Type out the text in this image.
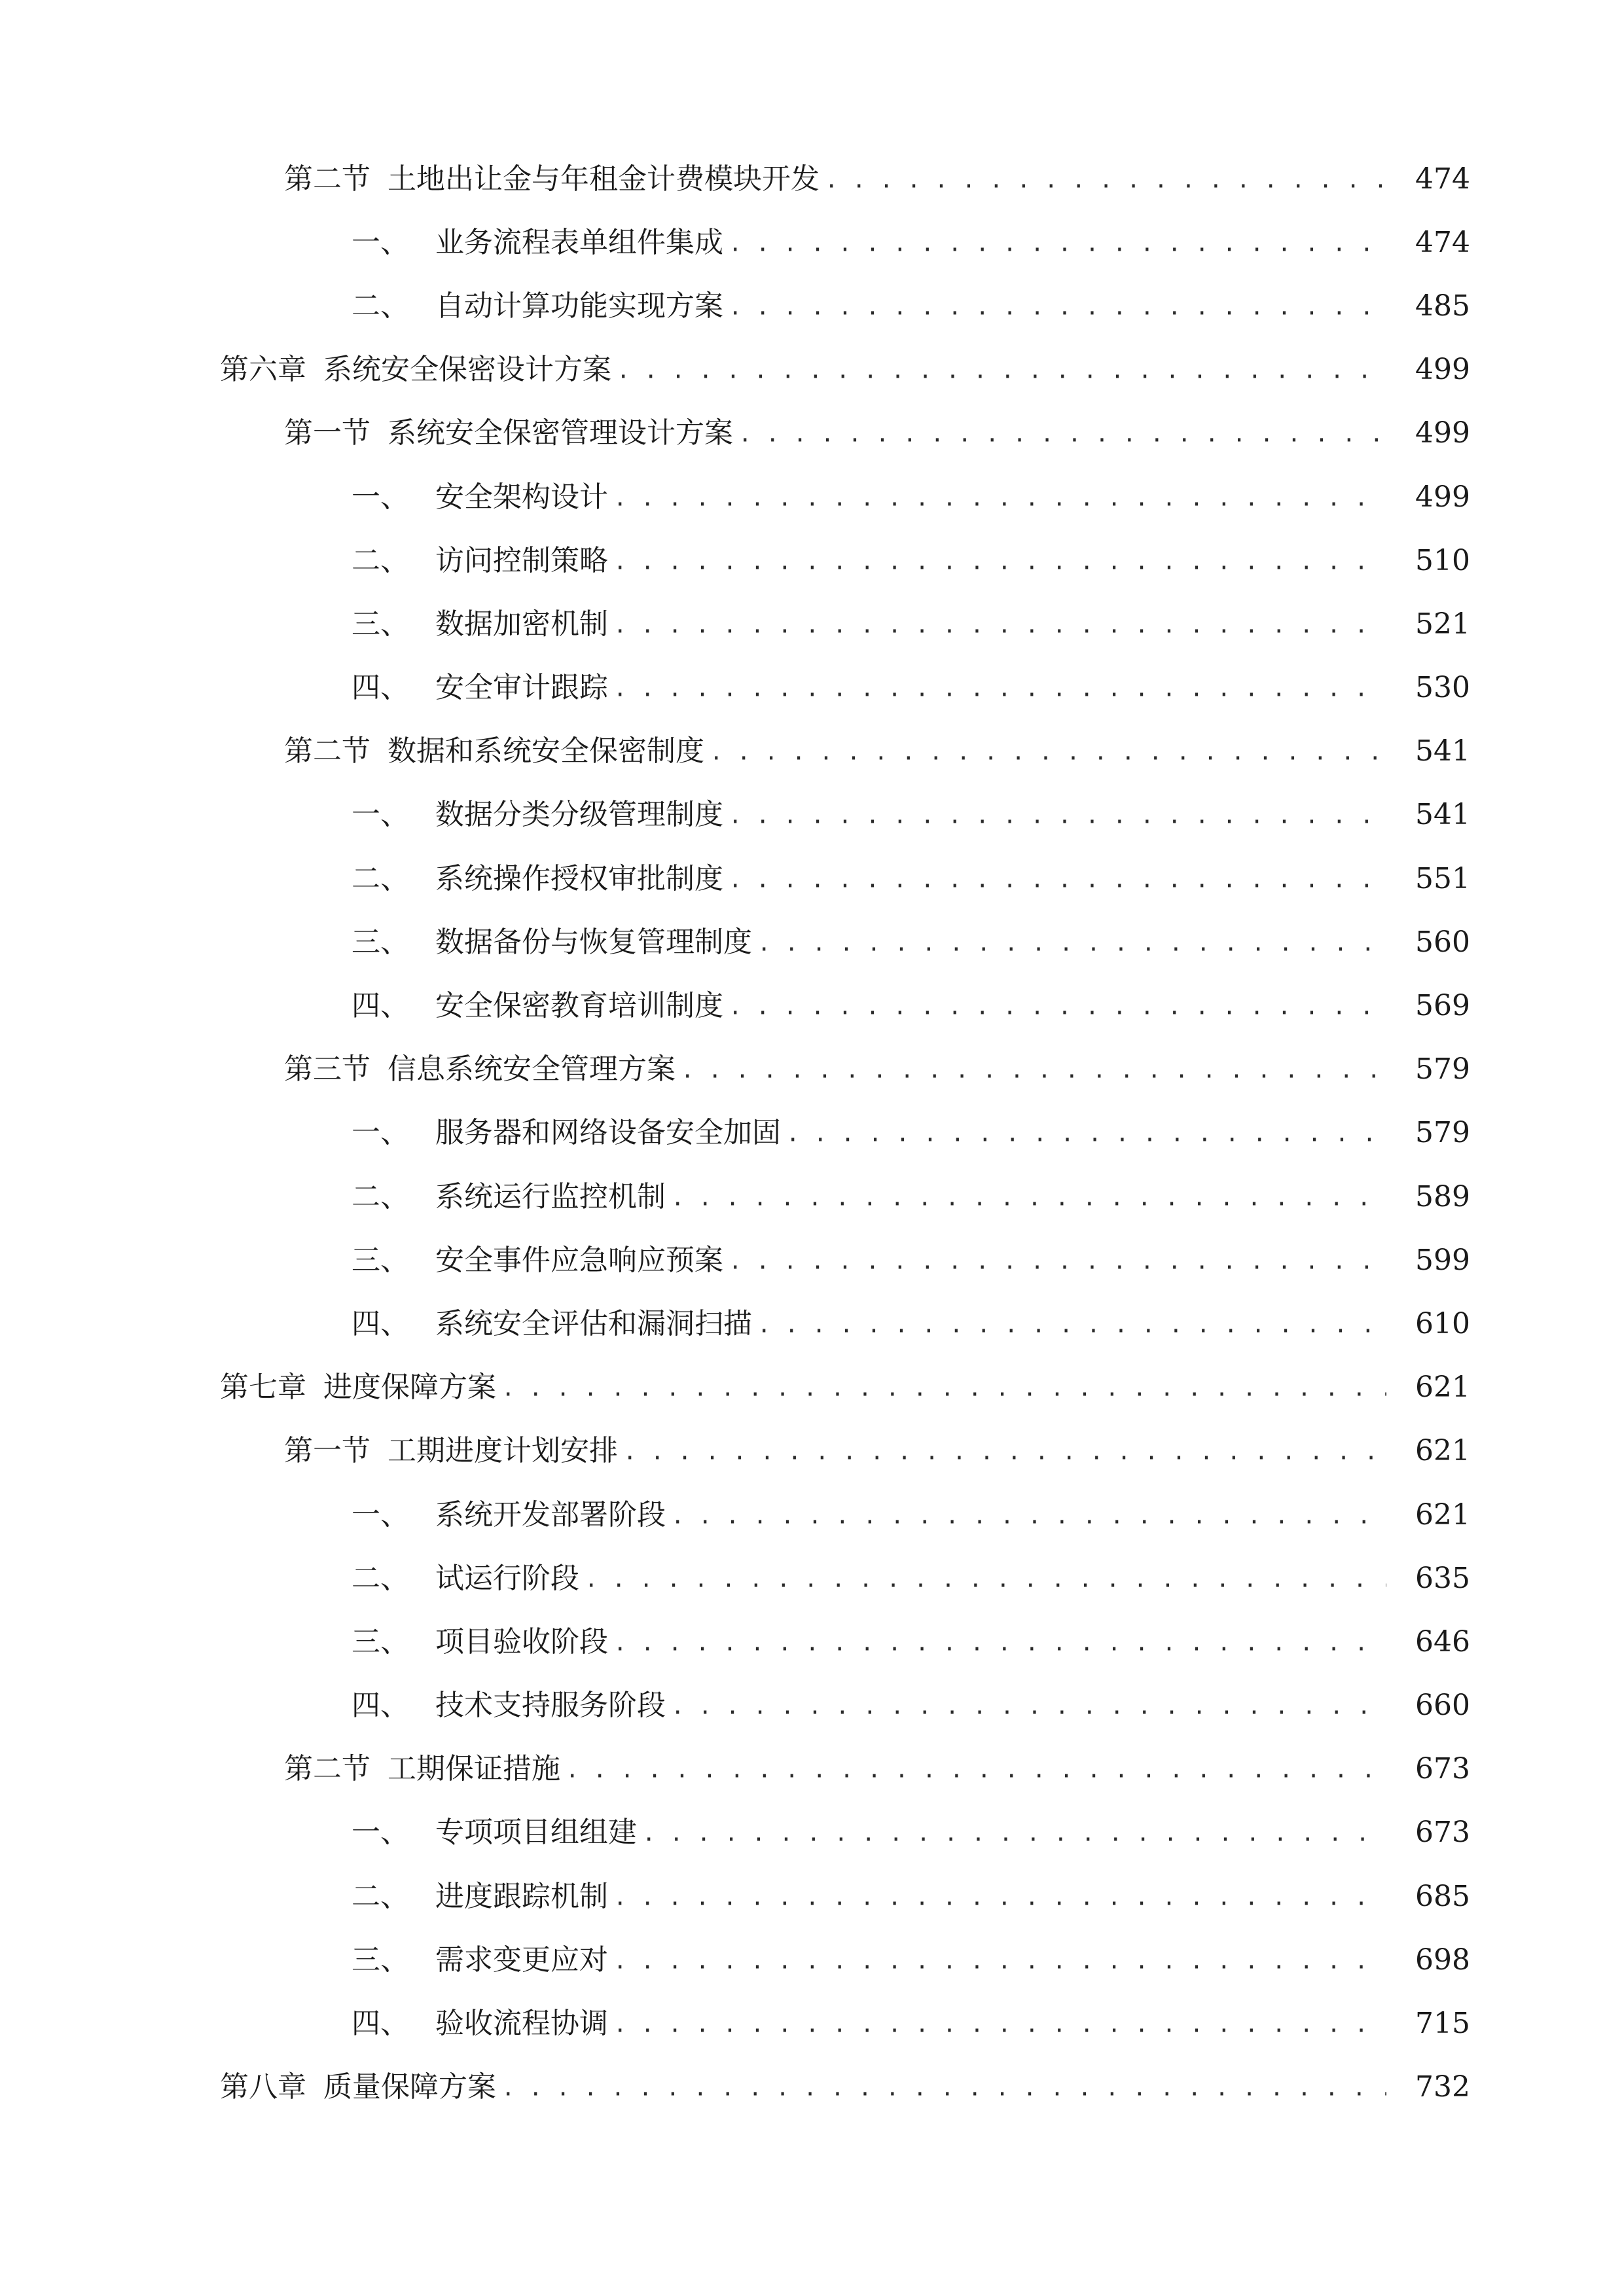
第二节 土地出让金与年租金计费模块开发 . . .	474
一、 业务流程表单组件集成 . . .	474
二、 自动计算功能实现方案 . . .	485
第六章 系统安全保密设计方案 . . .	499
第一节 系统安全保密管理设计方案 . . .	499
一、 安全架构设计 . . .	499
二、 访问控制策略 . . .	510
三、 数据加密机制 . . .	521
四、 安全审计跟踪 . . .	530
第二节 数据和系统安全保密制度 . . .	541
一、 数据分类分级管理制度 . . .	541
二、 系统操作授权审批制度 . . .	551
三、 数据备份与恢复管理制度 . . .	560
四、 安全保密教育培训制度 . . .	569
第三节 信息系统安全管理方案 . . .	579
一、 服务器和网络设备安全加固 . . .	579
二、 系统运行监控机制 . . .	589
三、 安全事件应急响应预案 . . .	599
四、 系统安全评估和漏洞扫描 . . .	610
第七章 进度保障方案 . . .	621
第一节 工期进度计划安排 . . .	621
一、 系统开发部署阶段 . . .	621
二、 试运行阶段 . . .	635
三、 项目验收阶段 . . .	646
四、 技术支持服务阶段 . . .	660
第二节 工期保证措施 . . .	673
一、 专项项目组组建 . . .	673
二、 进度跟踪机制 . . .	685
三、 需求变更应对 . . .	698
四、 验收流程协调 . . .	715
第八章 质量保障方案 . . .	732
